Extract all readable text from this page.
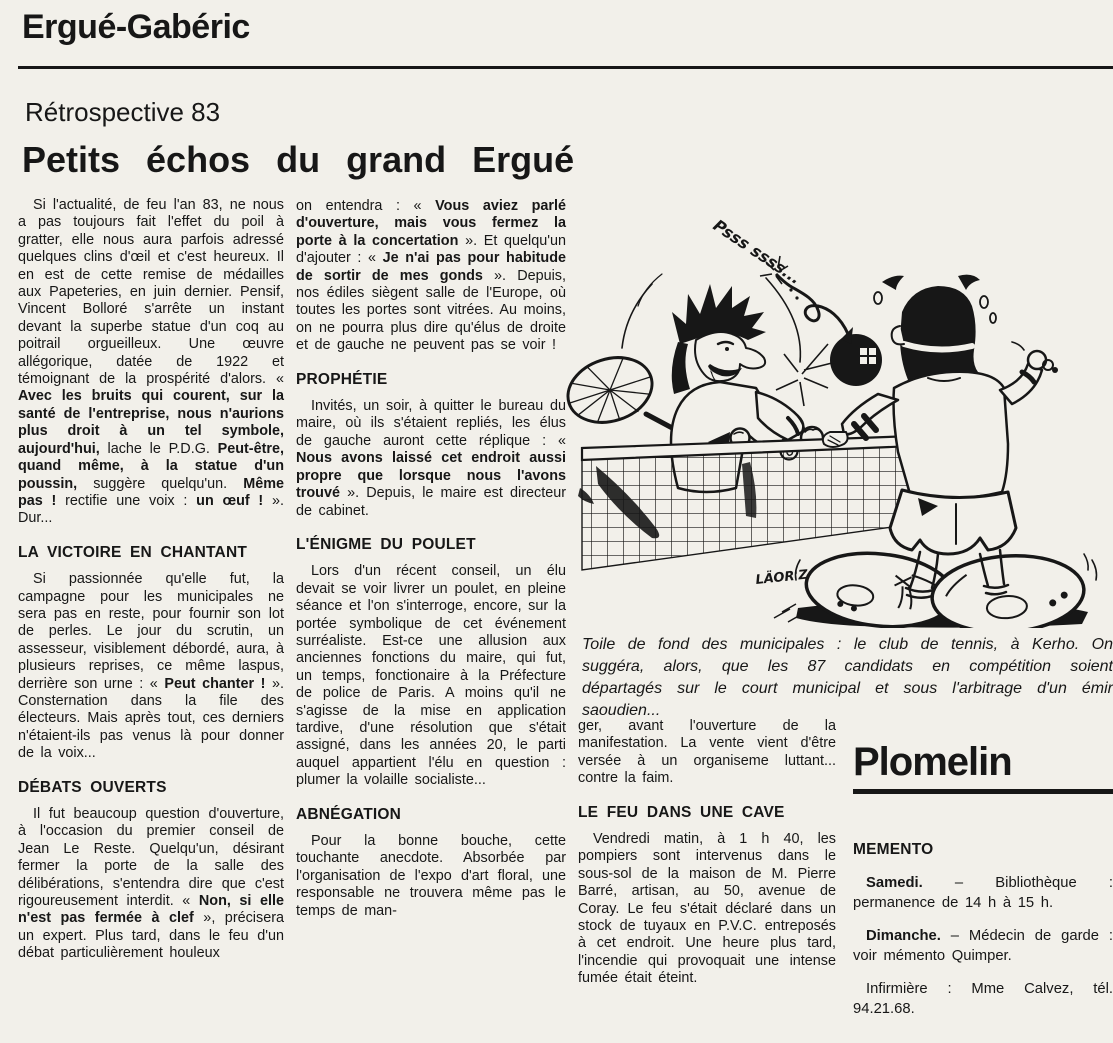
Ergué-Gabéric
Rétrospective 83
Petits échos du grand Ergué

Si l'actualité, de feu l'an 83, ne nous a pas toujours fait l'effet du poil à gratter, elle nous aura parfois adressé quelques clins d'œil et c'est heureux. Il en est de cette remise de médailles aux Papeteries, en juin dernier. Pensif, Vincent Bolloré s'arrête un instant devant la superbe statue d'un coq au poitrail orgueilleux. Une œuvre allégorique, datée de 1922 et témoignant de la prospérité d'alors. « Avec les bruits qui courent, sur la santé de l'entreprise, nous n'aurions plus droit à un tel symbole, aujourd'hui, lache le P.D.G. Peut-être, quand même, à la statue d'un poussin, suggère quelqu'un. Même pas ! rectifie une voix : un œuf ! ». Dur...

LA VICTOIRE EN CHANTANT

Si passionnée qu'elle fut, la campagne pour les municipales ne sera pas en reste, pour fournir son lot de perles. Le jour du scrutin, un assesseur, visiblement débordé, aura, à plusieurs reprises, ce même laspus, derrière son urne : « Peut chanter ! ». Consternation dans la file des électeurs. Mais après tout, ces derniers n'étaient-ils pas venus là pour donner de la voix...

DÉBATS OUVERTS

Il fut beaucoup question d'ouverture, à l'occasion du premier conseil de Jean Le Reste. Quelqu'un, désirant fermer la porte de la salle des délibérations, s'entendra dire que c'est rigoureusement interdit. « Non, si elle n'est pas fermée à clef », précisera un expert. Plus tard, dans le feu d'un débat particulièrement houleux

on entendra : « Vous aviez parlé d'ouverture, mais vous fermez la porte à la concertation ». Et quelqu'un d'ajouter : « Je n'ai pas pour habitude de sortir de mes gonds ». Depuis, nos édiles siègent salle de l'Europe, où toutes les portes sont vitrées. Au moins, on ne pourra plus dire qu'élus de droite et de gauche ne peuvent pas se voir !

PROPHÉTIE

Invités, un soir, à quitter le bureau du maire, où ils s'étaient repliés, les élus de gauche auront cette réplique : « Nous avons laissé cet endroit aussi propre que lorsque nous l'avons trouvé ». Depuis, le maire est directeur de cabinet.

L'ÉNIGME DU POULET

Lors d'un récent conseil, un élu devait se voir livrer un poulet, en pleine séance et l'on s'interroge, encore, sur la portée symbolique de cet événement surréaliste. Est-ce une allusion aux anciennes fonctions du maire, qui fut, un temps, fonctionaire à la Préfecture de police de Paris. A moins qu'il ne s'agisse de la mise en application tardive, d'une résolution que s'était assigné, dans les années 20, le parti auquel appartient l'élu en question : plumer la volaille socialiste...

ABNÉGATION

Pour la bonne bouche, cette touchante anecdote. Absorbée par l'organisation de l'expo d'art floral, une responsable ne trouvera même pas le temps de man-

ger, avant l'ouverture de la manifestation. La vente vient d'être versée à un organiseme luttant... contre la faim.

LE FEU DANS UNE CAVE

Vendredi matin, à 1 h 40, les pompiers sont intervenus dans le sous-sol de la maison de M. Pierre Barré, artisan, au 50, avenue de Coray. Le feu s'était déclaré dans un stock de tuyaux en P.V.C. entreposés à cet endroit. Une heure plus tard, l'incendie qui provoquait une intense fumée était éteint.

Psss ssss...
LÄOR'Z
Toile de fond des municipales : le club de tennis, à Kerho. On suggéra, alors, que les 87 candidats en compétition soient départagés sur le court municipal et sous l'arbitrage d'un émir saoudien...
Plomelin
MEMENTO

Samedi. – Bibliothèque : permanence de 14 h à 15 h.

Dimanche. – Médecin de garde : voir mémento Quimper.

Infirmière : Mme Calvez, tél. 94.21.68.
